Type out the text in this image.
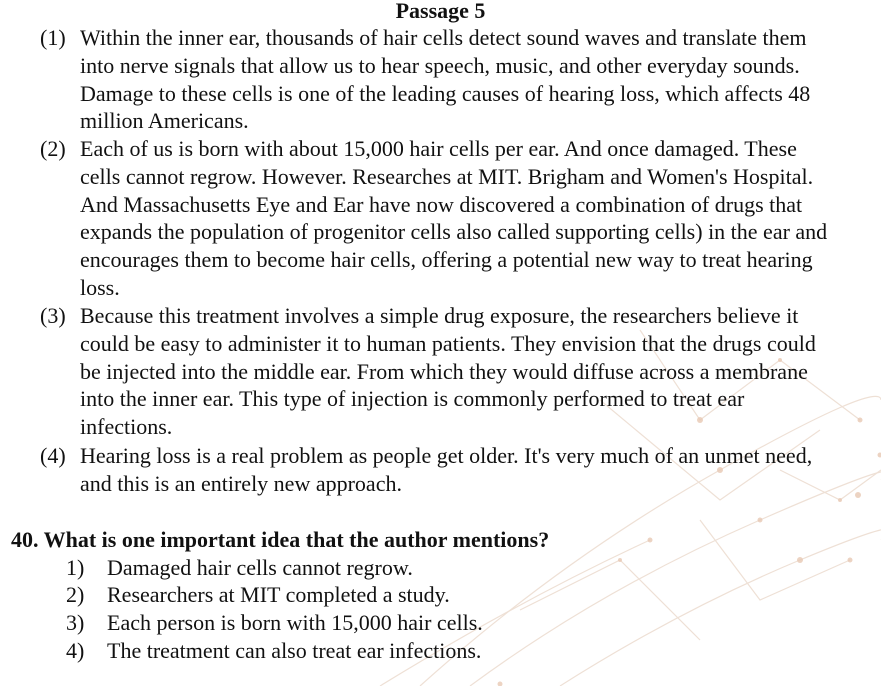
Passage 5
(1) Within the inner ear, thousands of hair cells detect sound waves and translate them into nerve signals that allow us to hear speech, music, and other everyday sounds. Damage to these cells is one of the leading causes of hearing loss, which affects 48 million Americans.
(2) Each of us is born with about 15,000 hair cells per ear. And once damaged. These cells cannot regrow. However. Researches at MIT. Brigham and Women's Hospital. And Massachusetts Eye and Ear have now discovered a combination of drugs that expands the population of progenitor cells also called supporting cells) in the ear and encourages them to become hair cells, offering a potential new way to treat hearing loss.
(3) Because this treatment involves a simple drug exposure, the researchers believe it could be easy to administer it to human patients. They envision that the drugs could be injected into the middle ear. From which they would diffuse across a membrane into the inner ear. This type of injection is commonly performed to treat ear infections.
(4) Hearing loss is a real problem as people get older. It's very much of an unmet need, and this is an entirely new approach.
40. What is one important idea that the author mentions?
1) Damaged hair cells cannot regrow.
2) Researchers at MIT completed a study.
3) Each person is born with 15,000 hair cells.
4) The treatment can also treat ear infections.
